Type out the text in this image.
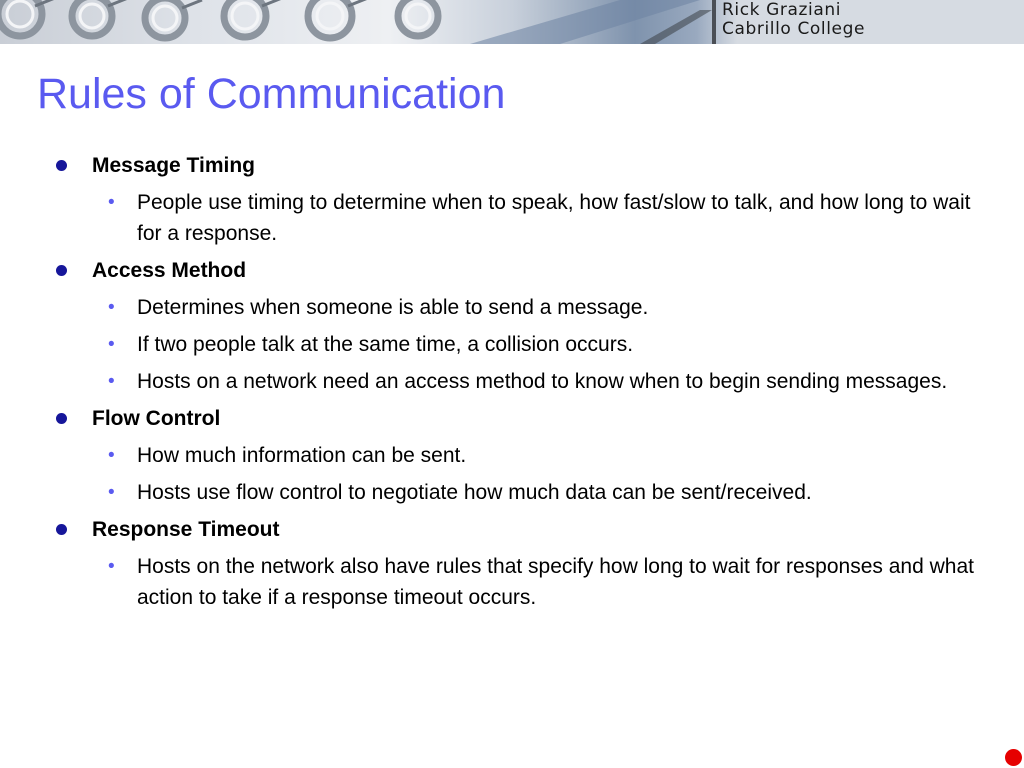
Rick Graziani
Cabrillo College
Rules of Communication
Message Timing
• People use timing to determine when to speak, how fast/slow to talk, and how long to wait for a response.
Access Method
• Determines when someone is able to send a message.
• If two people talk at the same time, a collision occurs.
• Hosts on a network need an access method to know when to begin sending messages.
Flow Control
• How much information can be sent.
• Hosts use flow control to negotiate how much data can be sent/received.
Response Timeout
• Hosts on the network also have rules that specify how long to wait for responses and what action to take if a response timeout occurs.
